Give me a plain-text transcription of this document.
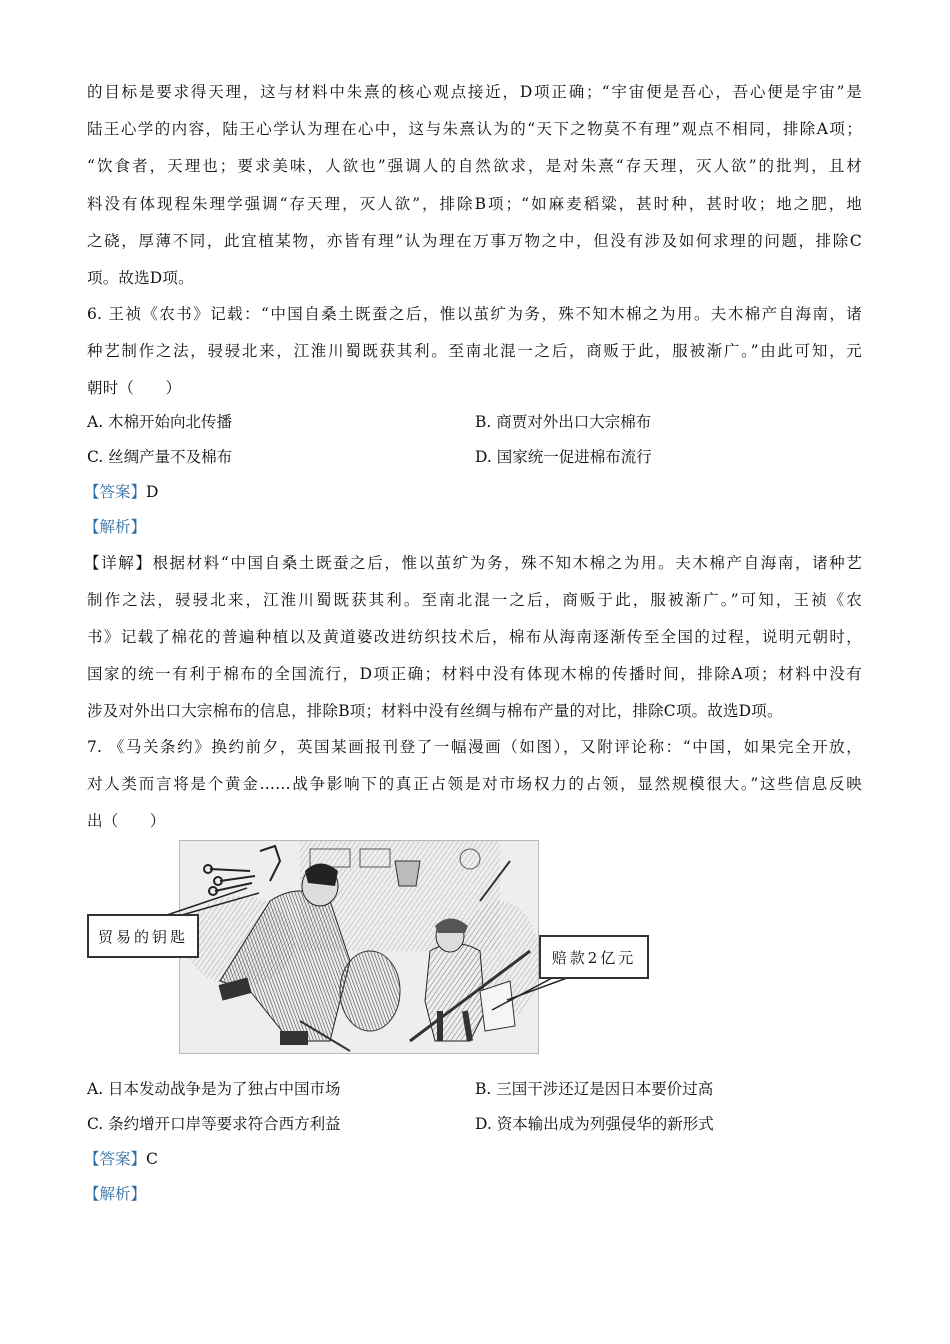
的目标是要求得天理，这与材料中朱熹的核心观点接近，D项正确；“宇宙便是吾心，吾心便是宇宙”是
陆王心学的内容，陆王心学认为理在心中，这与朱熹认为的“天下之物莫不有理”观点不相同，排除A项；
“饮食者，天理也；要求美味，人欲也”强调人的自然欲求，是对朱熹“存天理，灭人欲”的批判，且材
料没有体现程朱理学强调“存天理，灭人欲”，排除B项；“如麻麦稻粱，甚时种，甚时收；地之肥，地
之硗，厚薄不同，此宜植某物，亦皆有理”认为理在万事万物之中，但没有涉及如何求理的问题，排除C
项。故选D项。
6. 王祯《农书》记载：“中国自桑土既蚕之后，惟以茧纩为务，殊不知木棉之为用。夫木棉产自海南，诸
种艺制作之法，骎骎北来，江淮川蜀既获其利。至南北混一之后，商贩于此，服被渐广。”由此可知，元
朝时（　　）
A. 木棉开始向北传播	B. 商贾对外出口大宗棉布
C. 丝绸产量不及棉布	D. 国家统一促进棉布流行
【答案】D
【解析】
【详解】根据材料“中国自桑土既蚕之后，惟以茧纩为务，殊不知木棉之为用。夫木棉产自海南，诸种艺
制作之法，骎骎北来，江淮川蜀既获其利。至南北混一之后，商贩于此，服被渐广。”可知，王祯《农
书》记载了棉花的普遍种植以及黄道婆改进纺织技术后，棉布从海南逐渐传至全国的过程，说明元朝时，
国家的统一有利于棉布的全国流行，D项正确；材料中没有体现木棉的传播时间，排除A项；材料中没有
涉及对外出口大宗棉布的信息，排除B项；材料中没有丝绸与棉布产量的对比，排除C项。故选D项。
7. 《马关条约》换约前夕，英国某画报刊登了一幅漫画（如图），又附评论称：“中国，如果完全开放，
对人类而言将是个黄金……战争影响下的真正占领是对市场权力的占领，显然规模很大。”这些信息反映
出（　　）
贸易的钥匙
赔款2亿元
A. 日本发动战争是为了独占中国市场	B. 三国干涉还辽是因日本要价过高
C. 条约增开口岸等要求符合西方利益	D. 资本输出成为列强侵华的新形式
【答案】C
【解析】
